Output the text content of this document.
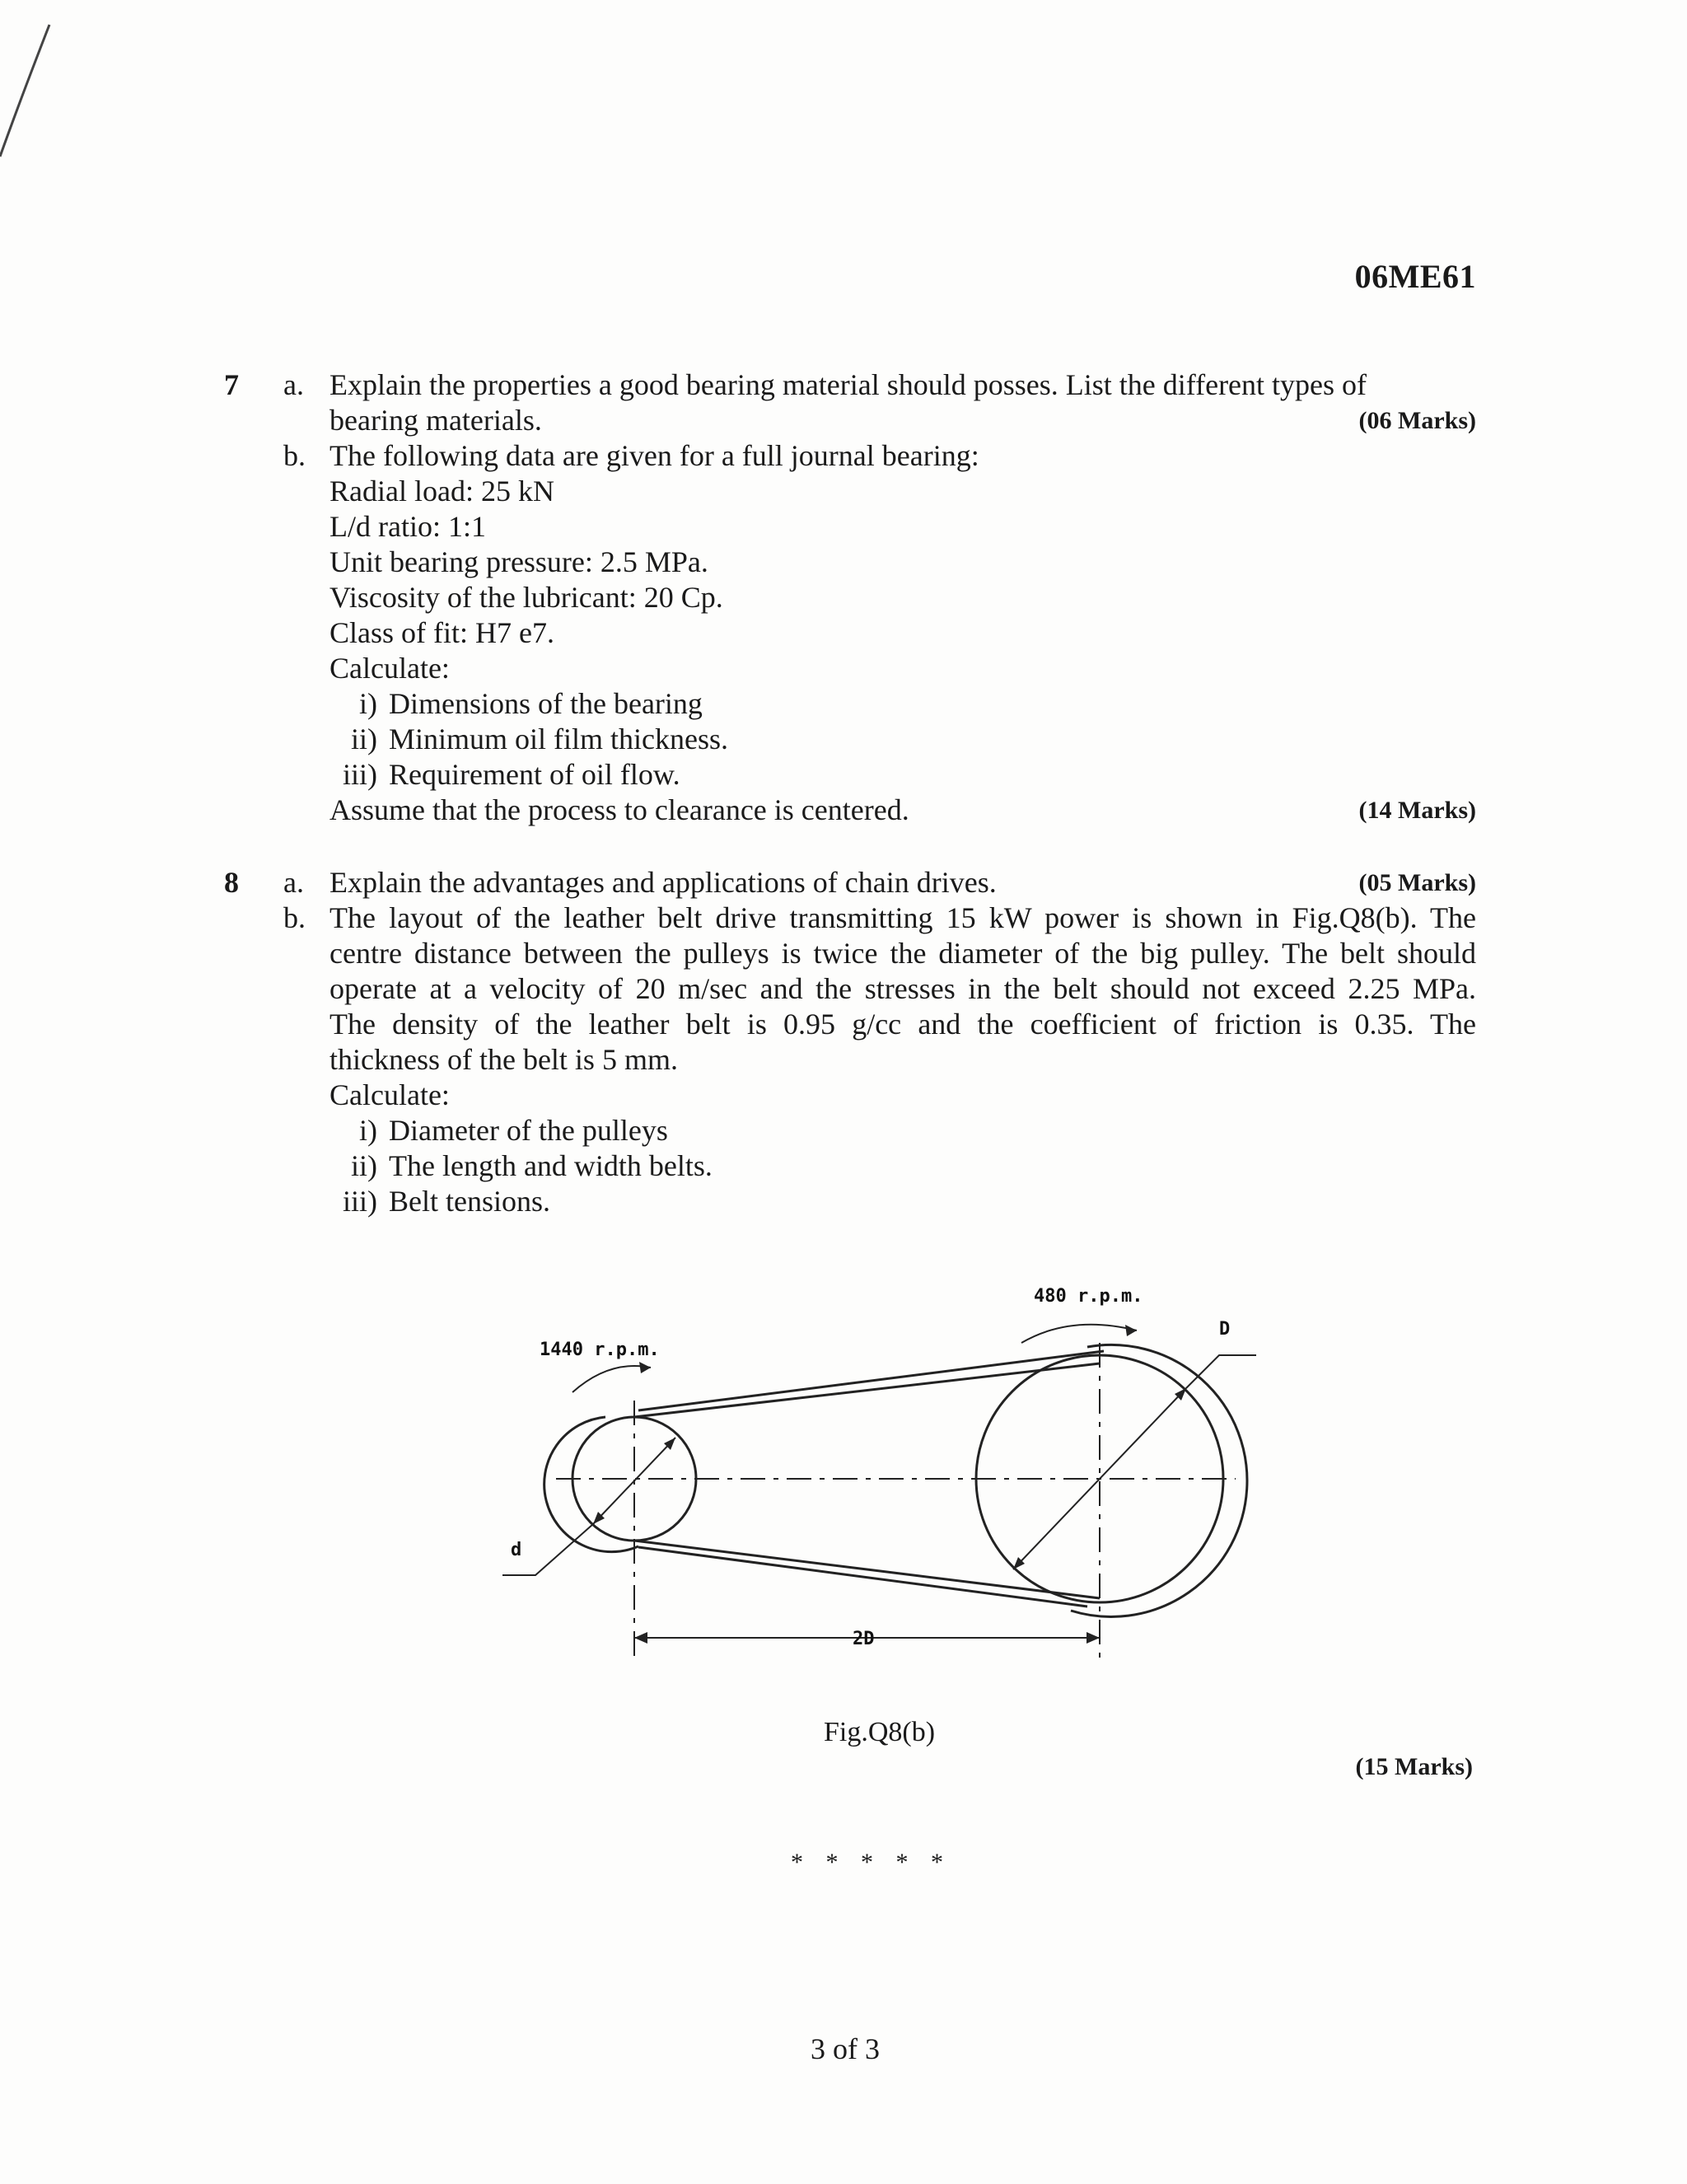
06ME61
7 a. Explain the properties a good bearing material should posses. List the different types of
bearing materials.	(06 Marks)
b. The following data are given for a full journal bearing:
Radial load: 25 kN
L/d ratio: 1:1
Unit bearing pressure: 2.5 MPa.
Viscosity of the lubricant: 20 Cp.
Class of fit: H7 e7.
Calculate:
i) Dimensions of the bearing
ii) Minimum oil film thickness.
iii) Requirement of oil flow.
Assume that the process to clearance is centered.	(14 Marks)
8 a. Explain the advantages and applications of chain drives.	(05 Marks)
b. The layout of the leather belt drive transmitting 15 kW power is shown in Fig.Q8(b). The
centre distance between the pulleys is twice the diameter of the big pulley. The belt should
operate at a velocity of 20 m/sec and the stresses in the belt should not exceed 2.25 MPa.
The density of the leather belt is 0.95 g/cc and the coefficient of friction is 0.35. The
thickness of the belt is 5 mm.
Calculate:
i) Diameter of the pulleys
ii) The length and width belts.
iii) Belt tensions.
1440 r.p.m.
480 r.p.m.
d
D
2D
Fig.Q8(b)
(15 Marks)
* * * * *
3 of 3
